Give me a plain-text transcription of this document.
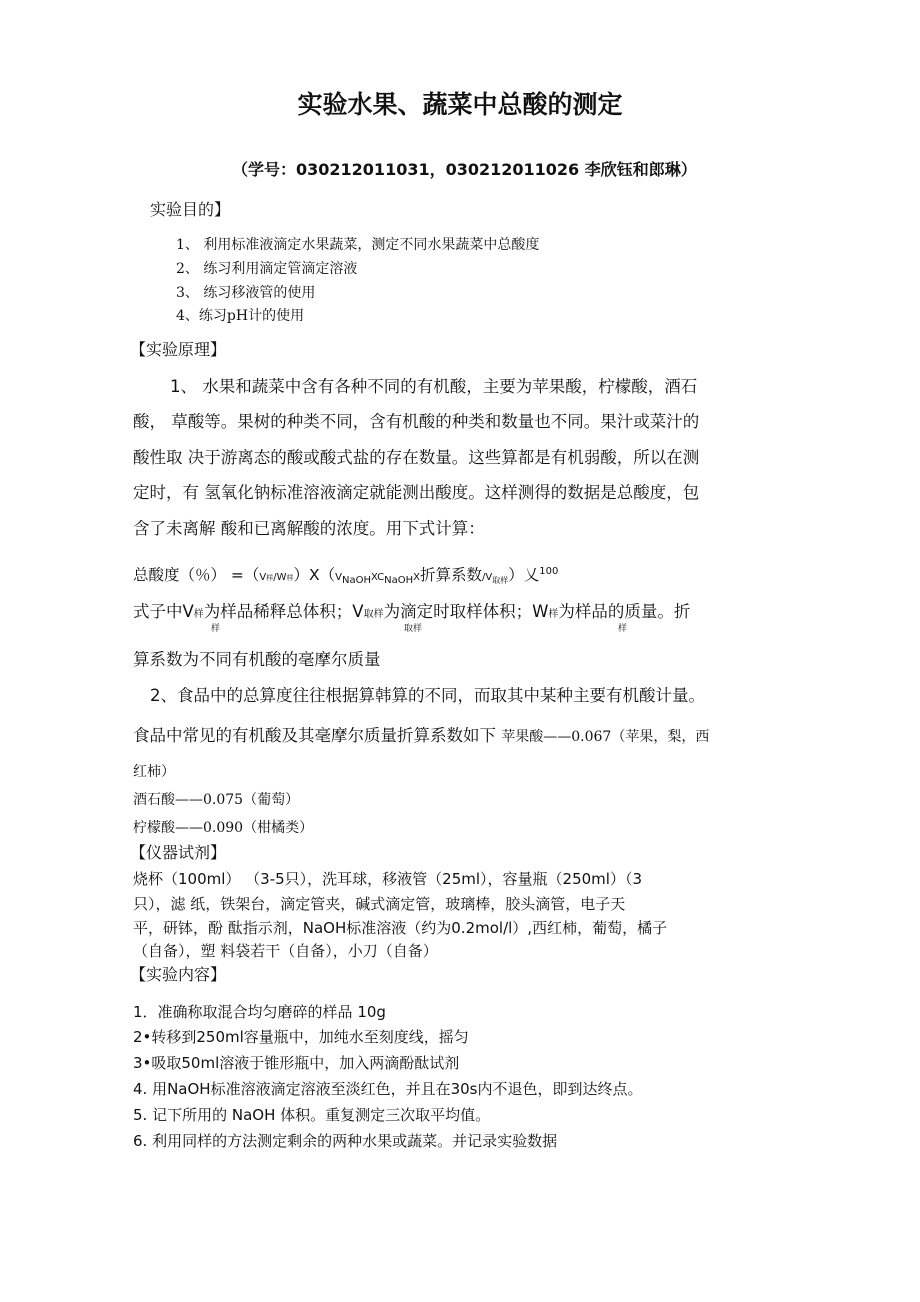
实验水果、蔬菜中总酸的测定
（学号：030212011031，030212011026 李欣钰和郎琳）
实验目的】
1、 利用标准液滴定水果蔬菜，测定不同水果蔬菜中总酸度
2、 练习利用滴定管滴定溶液
3、 练习移液管的使用
4、练习pH计的使用
【实验原理】
1、 水果和蔬菜中含有各种不同的有机酸，主要为苹果酸，柠檬酸，酒石
酸， 草酸等。果树的种类不同，含有机酸的种类和数量也不同。果汁或菜汁的
酸性取 决于游离态的酸或酸式盐的存在数量。这些算都是有机弱酸，所以在测
定时，有 氢氧化钠标准溶液滴定就能测出酸度。这样测得的数据是总酸度，包
含了未离解 酸和已离解酸的浓度。用下式计算：
总酸度（％） =（V样/W样）Ⅹ（VNaOHXCNaOHX折算系数/V取样）乂$^{100}$
式子中V样为样品稀释总体积；V取样为滴定时取样体积；W样为样品的质量。折
样	取样	样
算系数为不同有机酸的毫摩尔质量
2、食品中的总算度往往根据算韩算的不同，而取其中某种主要有机酸计量。
食品中常见的有机酸及其毫摩尔质量折算系数如下 苹果酸——0.067（苹果，梨，西
红柿）
酒石酸——0.075（葡萄）
柠檬酸——0.090（柑橘类）
【仪器试剂】
烧杯（100ml） （3-5只），洗耳球，移液管（25ml），容量瓶（250ml）（3
只），滤 纸，铁架台，滴定管夹，碱式滴定管，玻璃棒，胶头滴管，电子天
平，研钵，酚 酞指示剂，NaOH标准溶液（约为0.2mol/l）,西红柿，葡萄，橘子
（自备），塑 料袋若干（自备），小刀（自备）
【实验内容】
1．准确称取混合均匀磨碎的样品 10g
2•转移到250ml容量瓶中，加纯水至刻度线，摇匀
3•吸取50ml溶液于锥形瓶中，加入两滴酚酞试剂
4. 用NaOH标准溶液滴定溶液至淡红色，并且在30s内不退色，即到达终点。
5. 记下所用的 NaOH 体积。重复测定三次取平均值。
6. 利用同样的方法测定剩余的两种水果或蔬菜。并记录实验数据
